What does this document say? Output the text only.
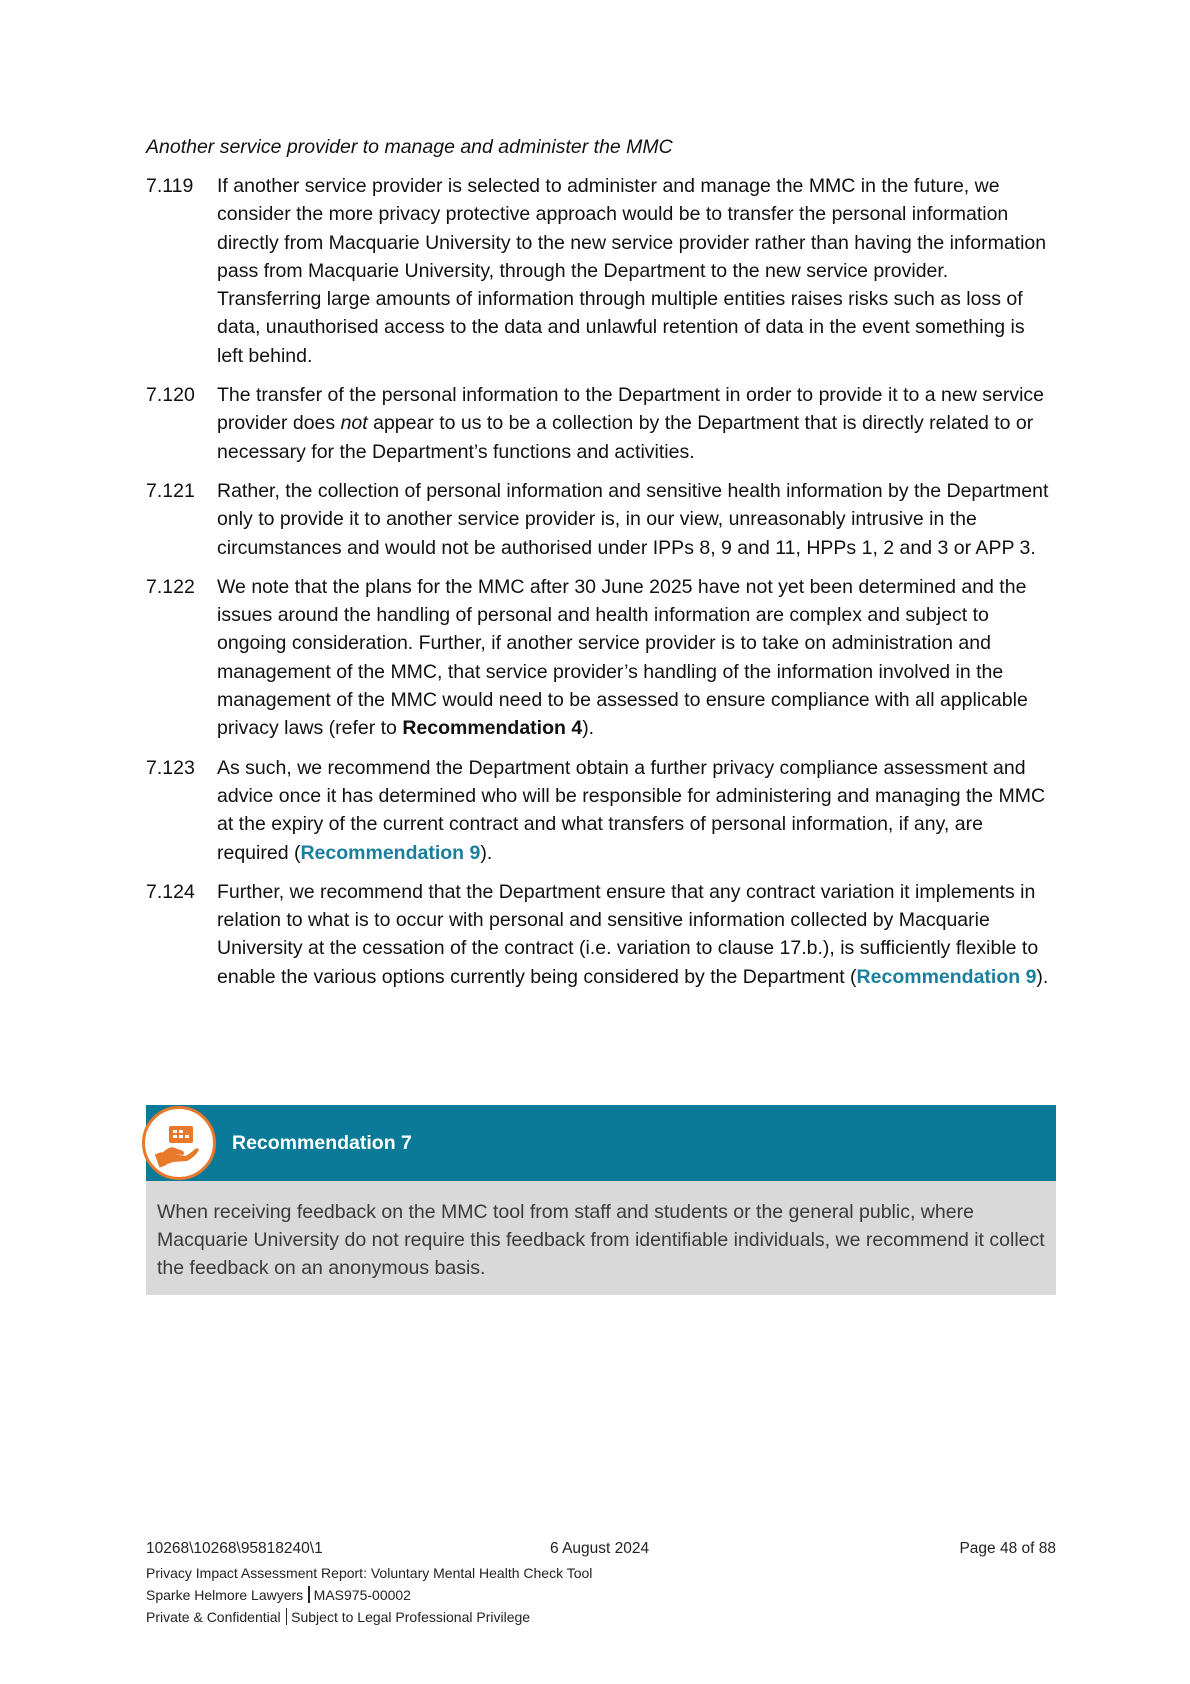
Another service provider to manage and administer the MMC
7.119	If another service provider is selected to administer and manage the MMC in the future, we consider the more privacy protective approach would be to transfer the personal information directly from Macquarie University to the new service provider rather than having the information pass from Macquarie University, through the Department to the new service provider. Transferring large amounts of information through multiple entities raises risks such as loss of data, unauthorised access to the data and unlawful retention of data in the event something is left behind.
7.120	The transfer of the personal information to the Department in order to provide it to a new service provider does not appear to us to be a collection by the Department that is directly related to or necessary for the Department’s functions and activities.
7.121	Rather, the collection of personal information and sensitive health information by the Department only to provide it to another service provider is, in our view, unreasonably intrusive in the circumstances and would not be authorised under IPPs 8, 9 and 11, HPPs 1, 2 and 3 or APP 3.
7.122	We note that the plans for the MMC after 30 June 2025 have not yet been determined and the issues around the handling of personal and health information are complex and subject to ongoing consideration. Further, if another service provider is to take on administration and management of the MMC, that service provider’s handling of the information involved in the management of the MMC would need to be assessed to ensure compliance with all applicable privacy laws (refer to Recommendation 4).
7.123	As such, we recommend the Department obtain a further privacy compliance assessment and advice once it has determined who will be responsible for administering and managing the MMC at the expiry of the current contract and what transfers of personal information, if any, are required (Recommendation 9).
7.124	Further, we recommend that the Department ensure that any contract variation it implements in relation to what is to occur with personal and sensitive information collected by Macquarie University at the cessation of the contract (i.e. variation to clause 17.b.), is sufficiently flexible to enable the various options currently being considered by the Department (Recommendation 9).
Recommendation 7
When receiving feedback on the MMC tool from staff and students or the general public, where Macquarie University do not require this feedback from identifiable individuals, we recommend it collect the feedback on an anonymous basis.
10268\10268\95818240\1	6 August 2024	Page 48 of 88
Privacy Impact Assessment Report: Voluntary Mental Health Check Tool
Sparke Helmore Lawyers MAS975-00002
Private & Confidential Subject to Legal Professional Privilege
